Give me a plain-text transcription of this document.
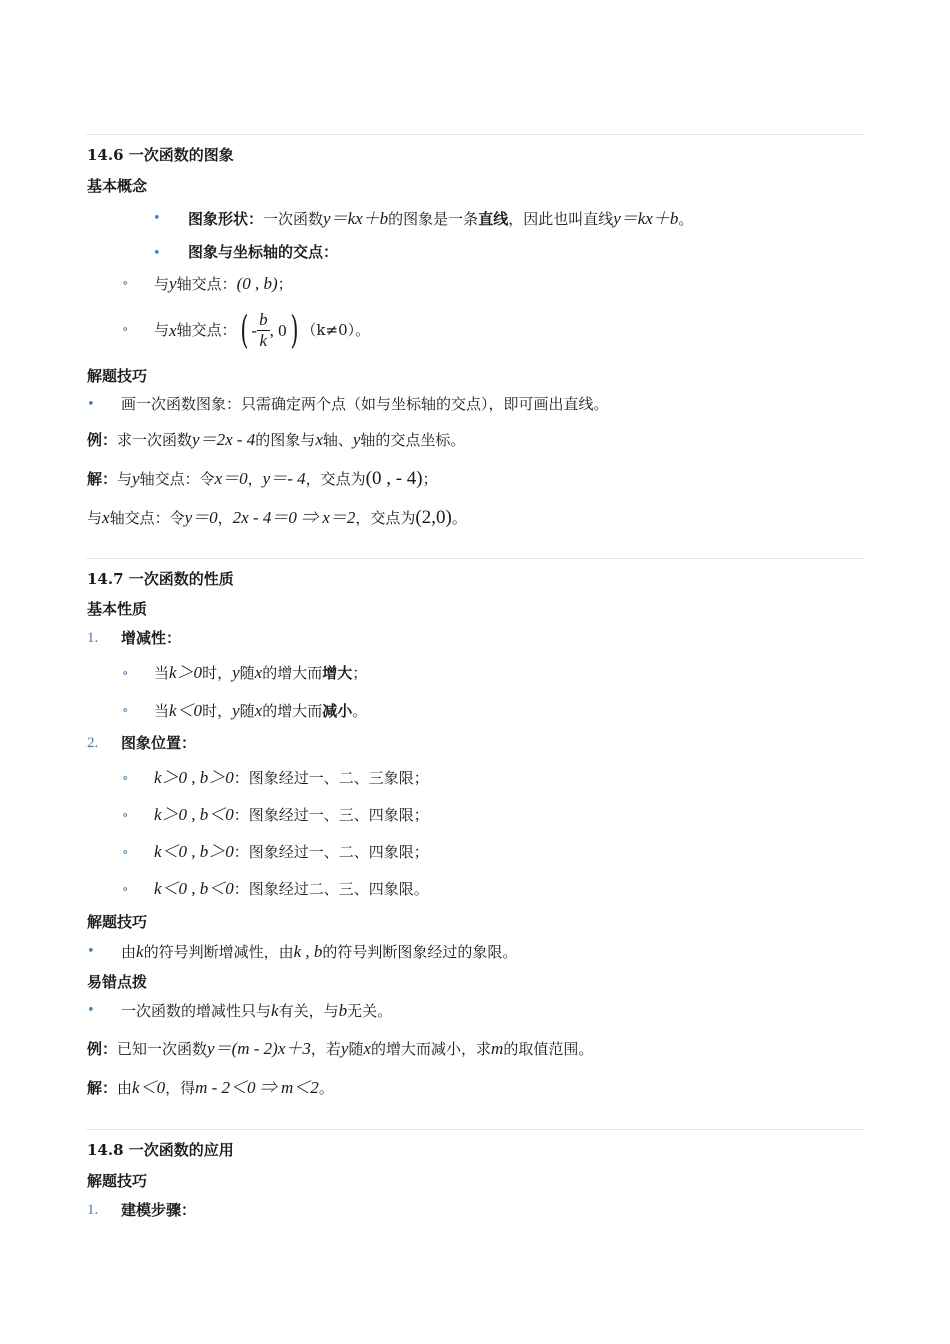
14.6 一次函数的图象
基本概念
• 图象形状：一次函数y＝kx＋b的图象是一条直线，因此也叫直线y＝kx＋b。
• 图象与坐标轴的交点：
∘ 与y轴交点：(0 , b)；
∘ 与 x 轴交点： ( - $\frac{b}{k}$ , 0 ) （k≠0）。
解题技巧
• 画一次函数图象：只需确定两个点（如与坐标轴的交点），即可画出直线。
例：求一次函数y＝2x - 4的图象与x轴、y轴的交点坐标。
解：与y轴交点：令x＝0，y＝- 4，交点为(0 , - 4)；
与x轴交点：令y＝0，2x - 4＝0 ⇒ x＝2，交点为(2,0)。
14.7 一次函数的性质
基本性质
1. 增减性：
∘ 当k＞0时，y随x的增大而增大；
∘ 当k＜0时，y随x的增大而减小。
2. 图象位置：
∘ k＞0 , b＞0：图象经过一、二、三象限；
∘ k＞0 , b＜0：图象经过一、三、四象限；
∘ k＜0 , b＞0：图象经过一、二、四象限；
∘ k＜0 , b＜0：图象经过二、三、四象限。
解题技巧
• 由k的符号判断增减性，由k , b的符号判断图象经过的象限。
易错点拨
• 一次函数的增减性只与k有关，与b无关。
例：已知一次函数y＝(m - 2)x＋3，若y随x的增大而减小，求m的取值范围。
解：由k＜0，得m - 2＜0 ⇒ m＜2。
14.8 一次函数的应用
解题技巧
1. 建模步骤：
